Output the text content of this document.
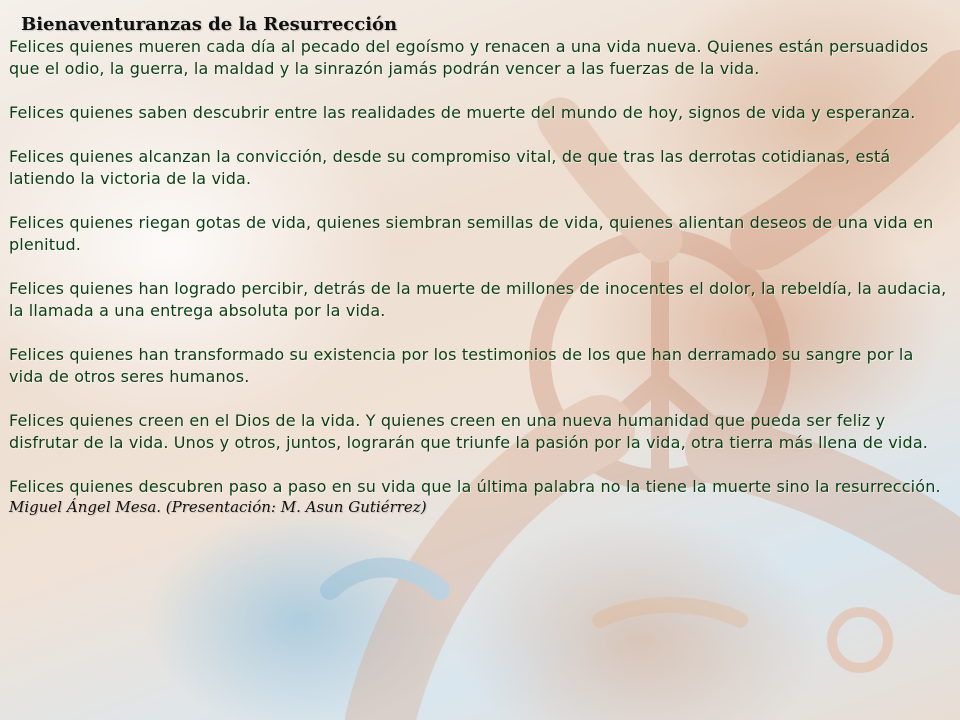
Bienaventuranzas de la Resurrección

Felices quienes mueren cada día al pecado del egoísmo y renacen a una vida nueva. Quienes están persuadidos que el odio, la guerra, la maldad y la sinrazón jamás podrán vencer a las fuerzas de la vida.

Felices quienes saben descubrir entre las realidades de muerte del mundo de hoy, signos de vida y esperanza.

Felices quienes alcanzan la convicción, desde su compromiso vital, de que tras las derrotas cotidianas, está latiendo la victoria de la vida.

Felices quienes riegan gotas de vida, quienes siembran semillas de vida, quienes alientan deseos de una vida en plenitud.

Felices quienes han logrado percibir, detrás de la muerte de millones de inocentes el dolor, la rebeldía, la audacia, la llamada a una entrega absoluta por la vida.

Felices quienes han transformado su existencia por los testimonios de los que han derramado su sangre por la vida de otros seres humanos.

Felices quienes creen en el Dios de la vida. Y quienes creen en una nueva humanidad que pueda ser feliz y disfrutar de la vida. Unos y otros, juntos, lograrán que triunfe la pasión por la vida, otra tierra más llena de vida.

Felices quienes descubren paso a paso en su vida que la última palabra no la tiene la muerte sino la resurrección.

Miguel Ángel Mesa. (Presentación: M. Asun Gutiérrez)
